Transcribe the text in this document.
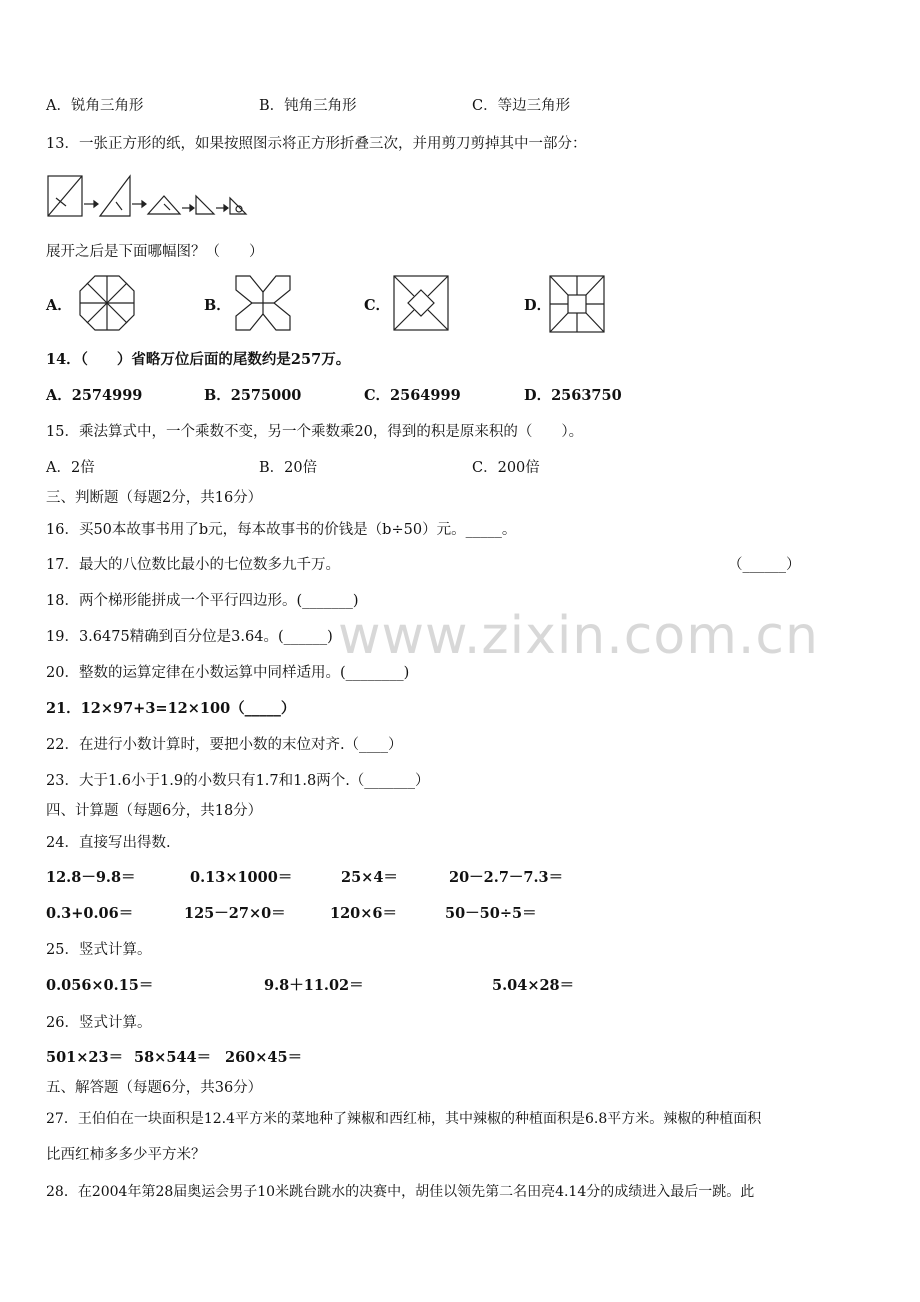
www.zixin.com.cn
A．锐角三角形	B．钝角三角形	C．等边三角形
13．一张正方形的纸，如果按照图示将正方形折叠三次，并用剪刀剪掉其中一部分：
展开之后是下面哪幅图？（　　）
A．	B．	C．	D．
14．（　　）省略万位后面的尾数约是257万。
A．2574999	B．2575000	C．2564999	D．2563750
15．乘法算式中，一个乘数不变，另一个乘数乘20，得到的积是原来积的（　　）。
A．2倍	B．20倍	C．200倍
三、判断题（每题2分，共16分）
16．买50本故事书用了b元，每本故事书的价钱是（b÷50）元。_____。
17．最大的八位数比最小的七位数多九千万。	（______）
18．两个梯形能拼成一个平行四边形。(_______)
19．3.6475精确到百分位是3.64。(______)
20．整数的运算定律在小数运算中同样适用。(________)
21．12×97+3=12×100（_____）
22．在进行小数计算时，要把小数的末位对齐.（____）
23．大于1.6小于1.9的小数只有1.7和1.8两个.（_______）
四、计算题（每题6分，共18分）
24．直接写出得数.
12.8－9.8＝	0.13×1000＝	25×4＝	20－2.7－7.3＝
0.3+0.06＝	125－27×0＝	120×6＝	50－50÷5＝
25．竖式计算。
0.056×0.15＝	9.8＋11.02＝	5.04×28＝
26．竖式计算。
501×23＝ 58×544＝ 260×45＝
五、解答题（每题6分，共36分）
27．王伯伯在一块面积是12.4平方米的菜地种了辣椒和西红柿，其中辣椒的种植面积是6.8平方米。辣椒的种植面积
比西红柿多多少平方米？
28．在2004年第28届奥运会男子10米跳台跳水的决赛中，胡佳以领先第二名田亮4.14分的成绩进入最后一跳。此
